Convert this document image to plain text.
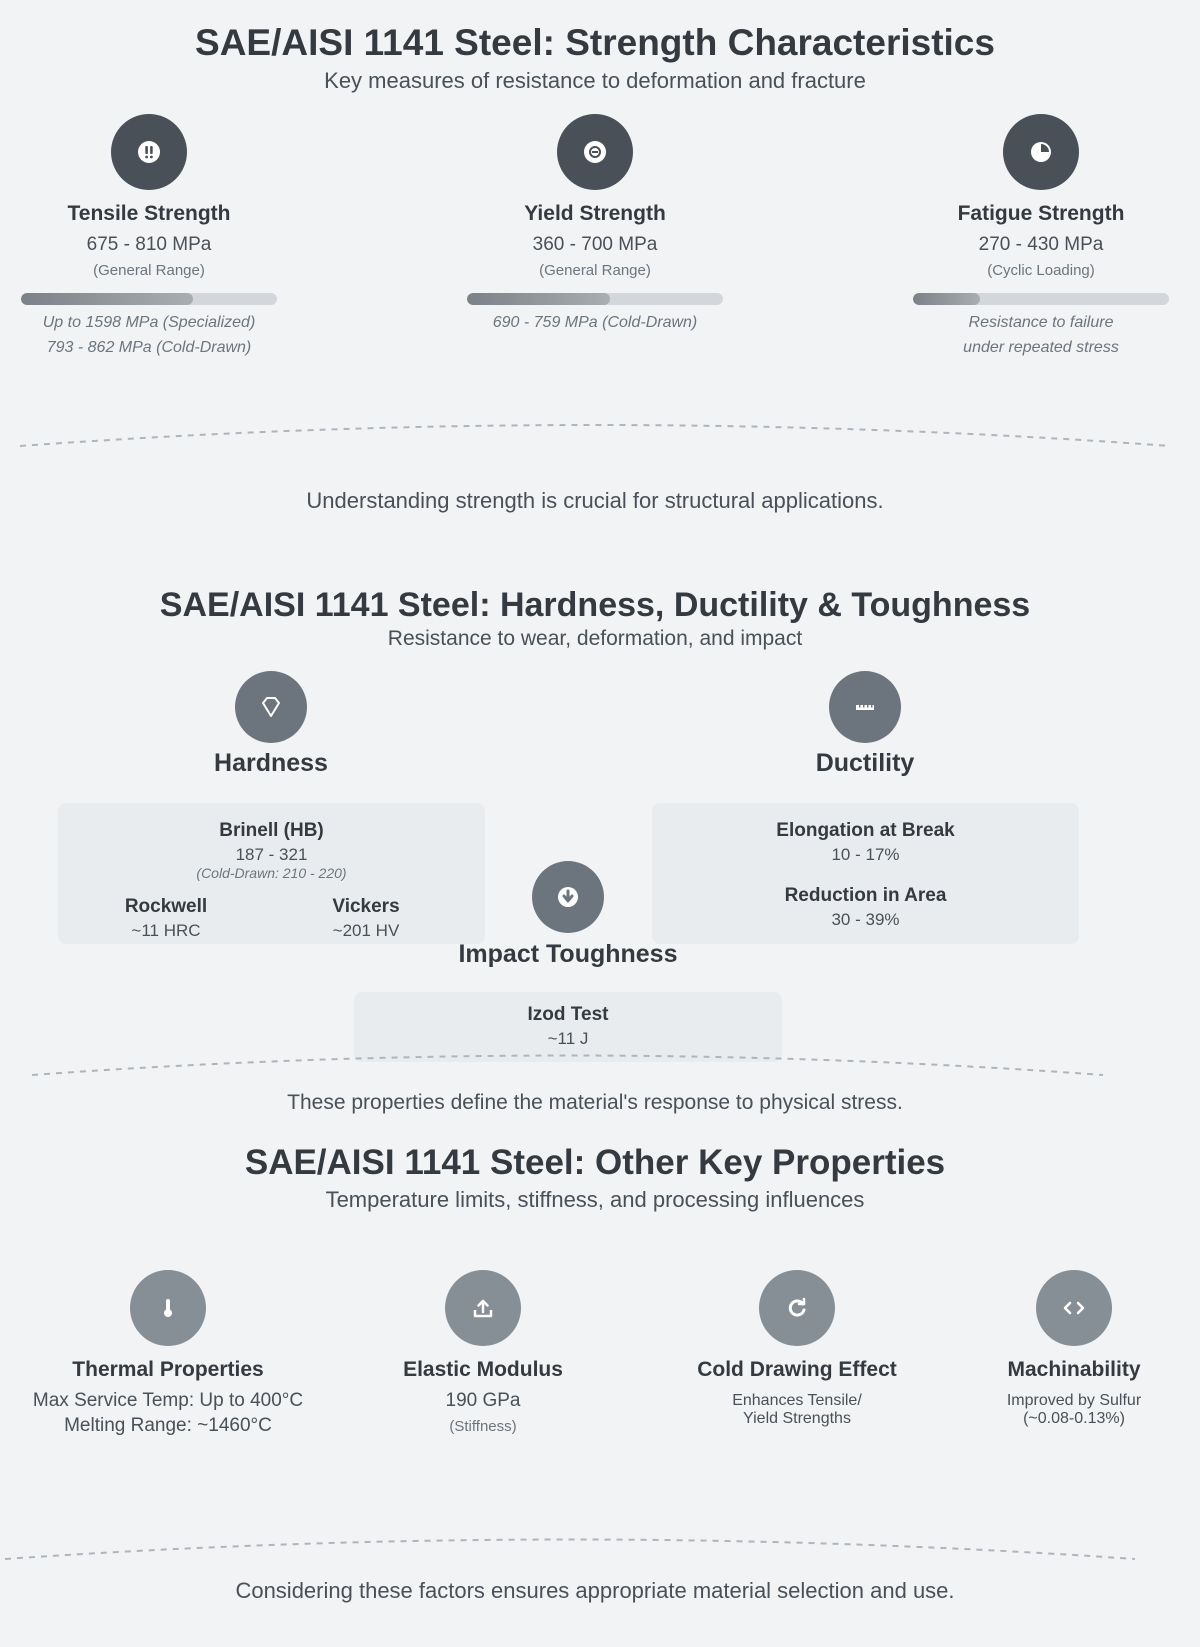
SAE/AISI 1141 Steel: Strength Characteristics
Key measures of resistance to deformation and fracture
Tensile Strength
675 - 810 MPa
(General Range)
Up to 1598 MPa (Specialized)
793 - 862 MPa (Cold-Drawn)
Yield Strength
360 - 700 MPa
(General Range)
690 - 759 MPa (Cold-Drawn)
Fatigue Strength
270 - 430 MPa
(Cyclic Loading)
Resistance to failure
under repeated stress
Understanding strength is crucial for structural applications.
SAE/AISI 1141 Steel: Hardness, Ductility & Toughness
Resistance to wear, deformation, and impact
Hardness	Ductility
Brinell (HB)
187 - 321
(Cold-Drawn: 210 - 220)
Rockwell
~11 HRC
Vickers
~201 HV
Elongation at Break
10 - 17%
Reduction in Area
30 - 39%
Impact Toughness
Izod Test
~11 J
These properties define the material's response to physical stress.
SAE/AISI 1141 Steel: Other Key Properties
Temperature limits, stiffness, and processing influences
Thermal Properties
Max Service Temp: Up to 400°C
Melting Range: ~1460°C
Elastic Modulus
190 GPa
(Stiffness)
Cold Drawing Effect
Enhances Tensile/
Yield Strengths
Machinability
Improved by Sulfur
(~0.08-0.13%)
Considering these factors ensures appropriate material selection and use.
